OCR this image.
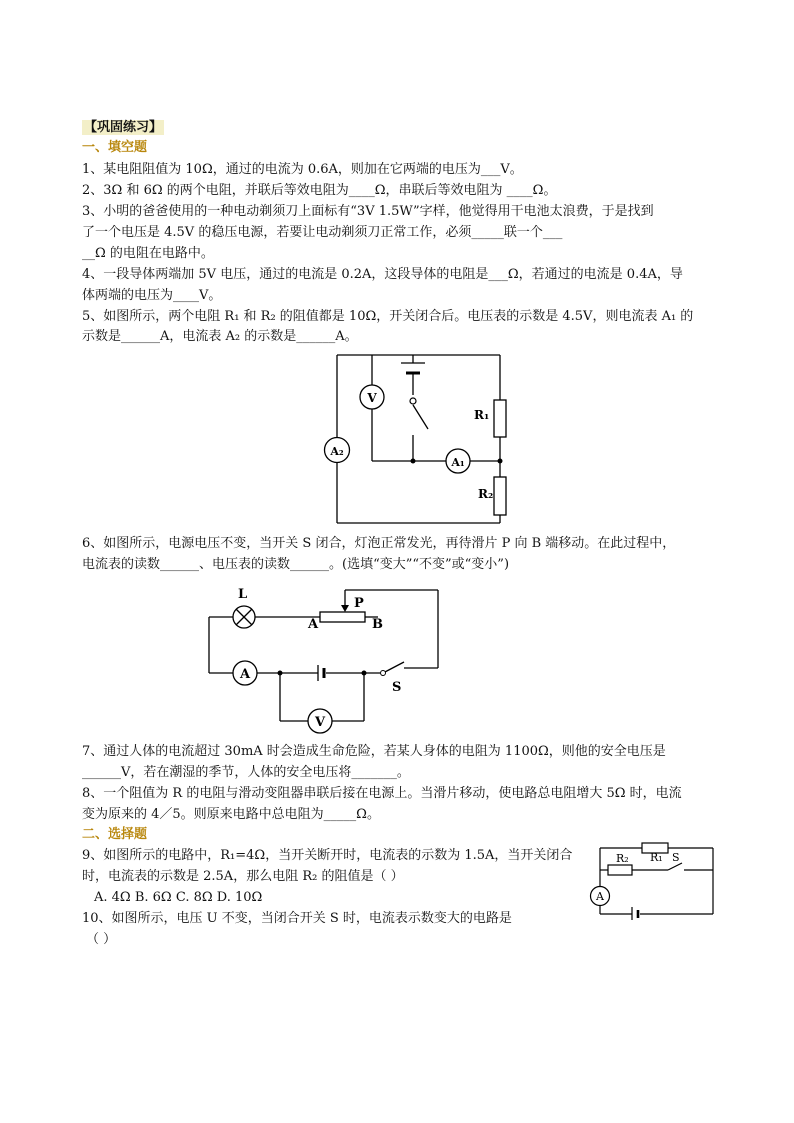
【巩固练习】
一、填空题
1、某电阻阻值为 10Ω，通过的电流为 0.6A，则加在它两端的电压为___V。
2、3Ω 和 6Ω 的两个电阻，并联后等效电阻为____Ω，串联后等效电阻为 ____Ω。
3、小明的爸爸使用的一种电动剃须刀上面标有“3V 1.5W”字样，他觉得用干电池太浪费，于是找到
了一个电压是 4.5V 的稳压电源，若要让电动剃须刀正常工作，必须_____联一个___
__Ω 的电阻在电路中。
4、一段导体两端加 5V 电压，通过的电流是 0.2A，这段导体的电阻是___Ω，若通过的电流是 0.4A，导
体两端的电压为____V。
5、如图所示，两个电阻 R₁ 和 R₂ 的阻值都是 10Ω，开关闭合后。电压表的示数是 4.5V，则电流表 A₁ 的
示数是______A，电流表 A₂ 的示数是______A。
V
A₂
A₁
R₁
R₂
6、如图所示，电源电压不变，当开关 S 闭合，灯泡正常发光，再待滑片 P 向 B 端移动。在此过程中，
电流表的读数______、电压表的读数______。(选填“变大”“不变”或“变小”)
A
V
L
P
A	B
S
7、通过人体的电流超过 30mA 时会造成生命危险，若某人身体的电阻为 1100Ω，则他的安全电压是
______V，若在潮湿的季节，人体的安全电压将_______。
8、一个阻值为 R 的电阻与滑动变阻器串联后接在电源上。当滑片移动，使电路总电阻增大 5Ω 时，电流
变为原来的 4／5。则原来电路中总电阻为_____Ω。
二、选择题
9、如图所示的电路中，R₁=4Ω，当开关断开时，电流表的示数为 1.5A，当开关闭合
时，电流表的示数是 2.5A，那么电阻 R₂ 的阻值是（ ）
A. 4Ω B. 6Ω C. 8Ω D. 10Ω
10、如图所示，电压 U 不变，当闭合开关 S 时，电流表示数变大的电路是
（ ）
A
R₂ R₁ S
